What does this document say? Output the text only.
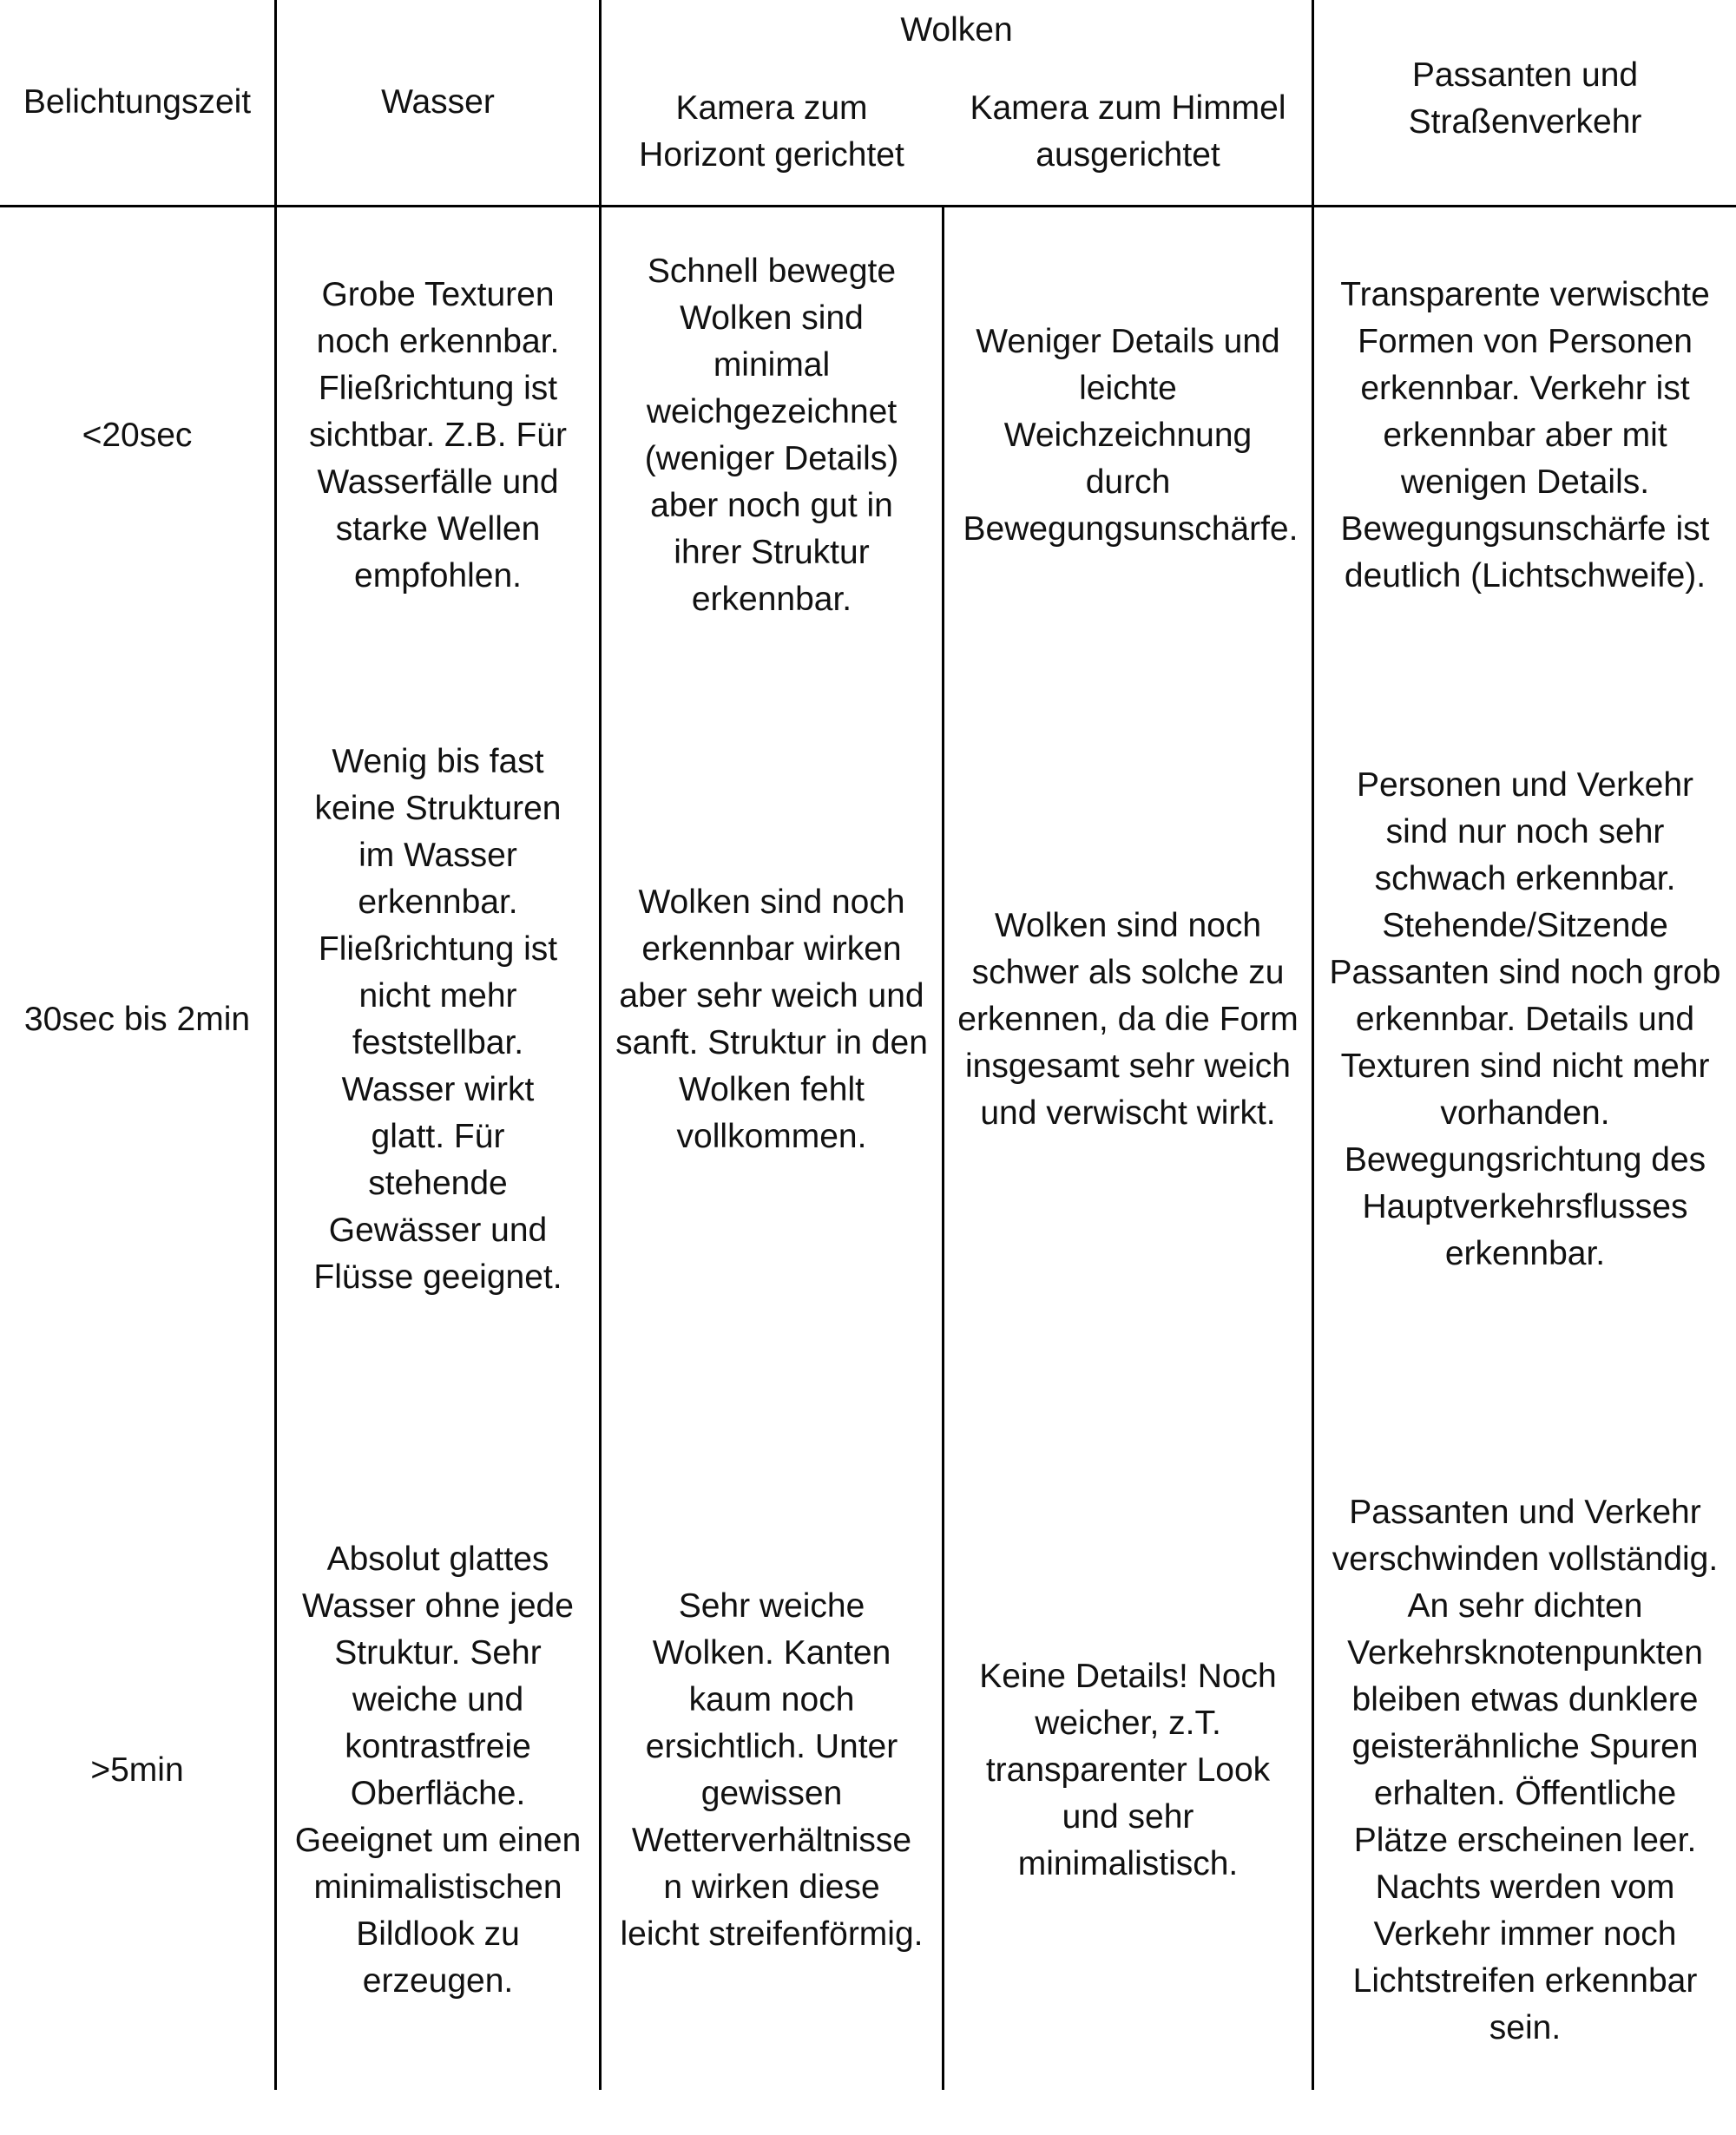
Belichtungszeit	Wasser
Wolken
Kamera zum Horizont gerichtet
Kamera zum Himmel ausgerichtet
Passanten und Straßenverkehr
<20sec
Grobe Texturen noch erkennbar. Fließrichtung ist sichtbar. Z.B. Für Wasserfälle und starke Wellen empfohlen.
Schnell bewegte Wolken sind minimal weichgezeichnet (weniger Details) aber noch gut in ihrer Struktur erkennbar.
Weniger Details und leichte Weichzeichnung durch Bewegungsunschärfe.
Transparente verwischte Formen von Personen erkennbar. Verkehr ist erkennbar aber mit wenigen Details. Bewegungsunschärfe ist deutlich (Lichtschweife).
30sec bis 2min
Wenig bis fast keine Strukturen im Wasser erkennbar. Fließrichtung ist nicht mehr feststellbar. Wasser wirkt glatt. Für stehende Gewässer und Flüsse geeignet.
Wolken sind noch erkennbar wirken aber sehr weich und sanft. Struktur in den Wolken fehlt vollkommen.
Wolken sind noch schwer als solche zu erkennen, da die Form insgesamt sehr weich und verwischt wirkt.
Personen und Verkehr sind nur noch sehr schwach erkennbar. Stehende/Sitzende Passanten sind noch grob erkennbar. Details und Texturen sind nicht mehr vorhanden. Bewegungsrichtung des Hauptverkehrsflusses erkennbar.
>5min
Absolut glattes Wasser ohne jede Struktur. Sehr weiche und kontrastfreie Oberfläche. Geeignet um einen minimalistischen Bildlook zu erzeugen.
Sehr weiche Wolken. Kanten kaum noch ersichtlich. Unter gewissen Wetterverhältnisse n wirken diese leicht streifenförmig.
Keine Details! Noch weicher, z.T. transparenter Look und sehr minimalistisch.
Passanten und Verkehr verschwinden vollständig. An sehr dichten Verkehrsknotenpunkten bleiben etwas dunklere geisterähnliche Spuren erhalten. Öffentliche Plätze erscheinen leer. Nachts werden vom Verkehr immer noch Lichtstreifen erkennbar sein.
